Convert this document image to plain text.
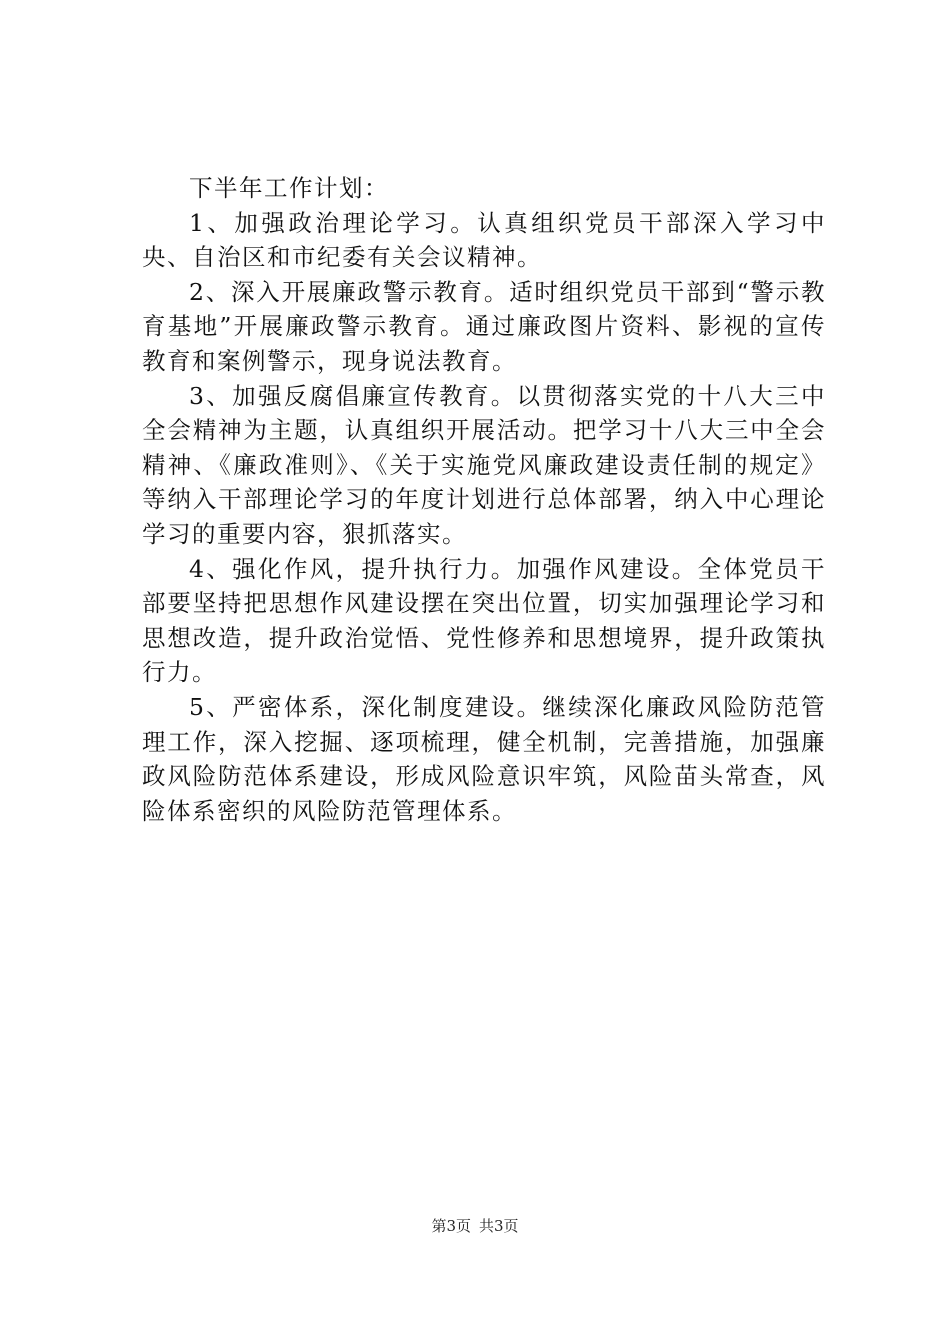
下半年工作计划：

1、加强政治理论学习。认真组织党员干部深入学习中央、自治区和市纪委有关会议精神。

2、深入开展廉政警示教育。适时组织党员干部到“警示教育基地”开展廉政警示教育。通过廉政图片资料、影视的宣传教育和案例警示，现身说法教育。

3、加强反腐倡廉宣传教育。以贯彻落实党的十八大三中全会精神为主题，认真组织开展活动。把学习十八大三中全会精神、《廉政准则》、《关于实施党风廉政建设责任制的规定》等纳入干部理论学习的年度计划进行总体部署，纳入中心理论学习的重要内容，狠抓落实。

4、强化作风，提升执行力。加强作风建设。全体党员干部要坚持把思想作风建设摆在突出位置，切实加强理论学习和思想改造，提升政治觉悟、党性修养和思想境界，提升政策执行力。

5、严密体系，深化制度建设。继续深化廉政风险防范管理工作，深入挖掘、逐项梳理，健全机制，完善措施，加强廉政风险防范体系建设，形成风险意识牢筑，风险苗头常查，风险体系密织的风险防范管理体系。

第3页 共3页
